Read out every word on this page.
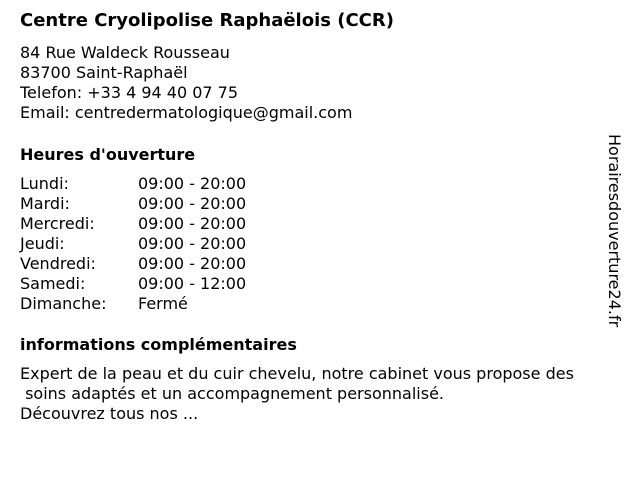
Centre Cryolipolise Raphaëlois (CCR)
84 Rue Waldeck Rousseau
83700 Saint-Raphaël
Telefon: +33 4 94 40 07 75
Email: centredermatologique@gmail.com
Heures d'ouverture
Lundi:	09:00 - 20:00
Mardi:	09:00 - 20:00
Mercredi:	09:00 - 20:00
Jeudi:	09:00 - 20:00
Vendredi:	09:00 - 20:00
Samedi:	09:00 - 12:00
Dimanche:	Fermé
informations complémentaires
Expert de la peau et du cuir chevelu, notre cabinet vous propose des
soins adaptés et un accompagnement personnalisé.
Découvrez tous nos ...
Horairesdouverture24.fr
